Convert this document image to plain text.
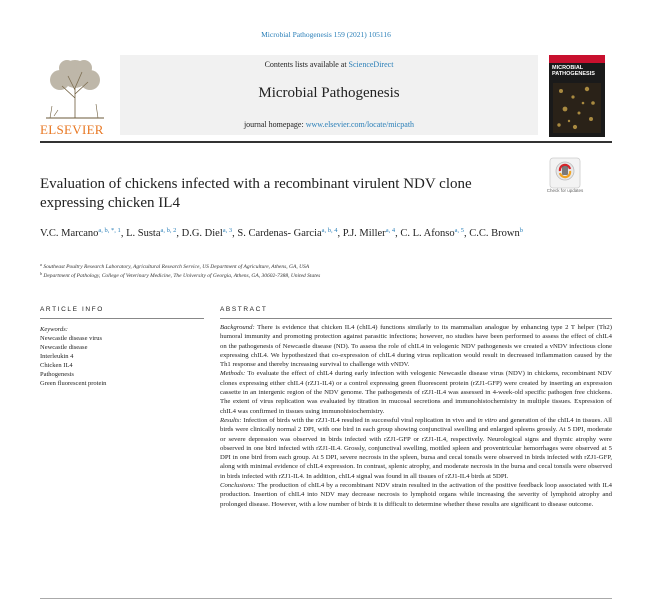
Microbial Pathogenesis 159 (2021) 105116
ELSEVIER
Contents lists available at ScienceDirect
Microbial Pathogenesis
journal homepage: www.elsevier.com/locate/micpath
MICROBIAL PATHOGENESIS
Check for updates
Evaluation of chickens infected with a recombinant virulent NDV clone expressing chicken IL4
V.C. Marcano$^{a, b, *, 1}$, L. Susta$^{a, b, 2}$, D.G. Diel$^{a, 3}$, S. Cardenas- Garcia$^{a, b, 4}$, P.J. Miller$^{a, 4}$, C. L. Afonso$^{a, 5}$, C.C. Brown$^b$
$^a$ Southeast Poultry Research Laboratory, Agricultural Research Service, US Department of Agriculture, Athens, GA, USA
$^b$ Department of Pathology, College of Veterinary Medicine, The University of Georgia, Athens, GA, 30602-7388, United States
ARTICLE INFO
Keywords:
Newcastle disease virus
Newcastle disease
Interleukin 4
Chicken IL4
Pathogenesis
Green fluorescent protein
ABSTRACT

Background: There is evidence that chicken IL4 (chIL4) functions similarly to its mammalian analogue by enhancing type 2 T helper (Th2) humoral immunity and promoting protection against parasitic infections; however, no studies have been performed to assess the effect of chIL4 on the pathogenesis of Newcastle disease (ND). To assess the role of chIL4 in velogenic NDV pathogenesis we created a vNDV infectious clone expressing chIL4. We hypothesized that co-expression of chIL4 during virus replication would result in decreased inflammation caused by the Th1 response and thereby increasing survival to challenge with vNDV.

Methods: To evaluate the effect of chIL4 during early infection with velogenic Newcastle disease virus (NDV) in chickens, recombinant NDV clones expressing either chIL4 (rZJ1-IL4) or a control expressing green fluorescent protein (rZJ1-GFP) were created by inserting an expression cassette in an intergenic region of the NDV genome. The pathogenesis of rZJ1-IL4 was assessed in 4-week-old specific pathogen free chickens. The extent of virus replication was evaluated by titration in mucosal secretions and immunohistochemistry in multiple tissues. Expression of chIL4 was confirmed in tissues using immunohistochemistry.

Results: Infection of birds with the rZJ1-IL4 resulted in successful viral replication in vivo and in vitro and generation of the chIL4 in tissues. All birds were clinically normal 2 DPI, with one bird in each group showing conjunctival swelling and enlarged spleens grossly. At 5 DPI, moderate or severe depression was observed in birds infected with rZJ1-GFP or rZJ1-IL4, respectively. Neurological signs and thymic atrophy were observed in one bird infected with rZJ1-IL4. Grossly, conjunctival swelling, mottled spleen and proventricular hemorrhages were observed at 5 DPI in one bird from each group. At 5 DPI, severe necrosis in the spleen, bursa and cecal tonsils were observed in birds infected with rZJ1-GFP, along with minimal evidence of chIL4 expression. In contrast, splenic atrophy, and moderate necrosis in the bursa and cecal tonsils were observed in birds infected with rZJ1-IL4. In addition, chIL4 signal was found in all tissues of rZJ1-IL4 birds at 5DPI.

Conclusions: The production of chIL4 by a recombinant NDV strain resulted in the activation of the positive feedback loop associated with IL4 production. Insertion of chIL4 into NDV may decrease necrosis to lymphoid organs while increasing the severity of lymphoid atrophy and prolonged disease. However, with a low number of birds it is difficult to determine whether these results are significant to disease outcome.
